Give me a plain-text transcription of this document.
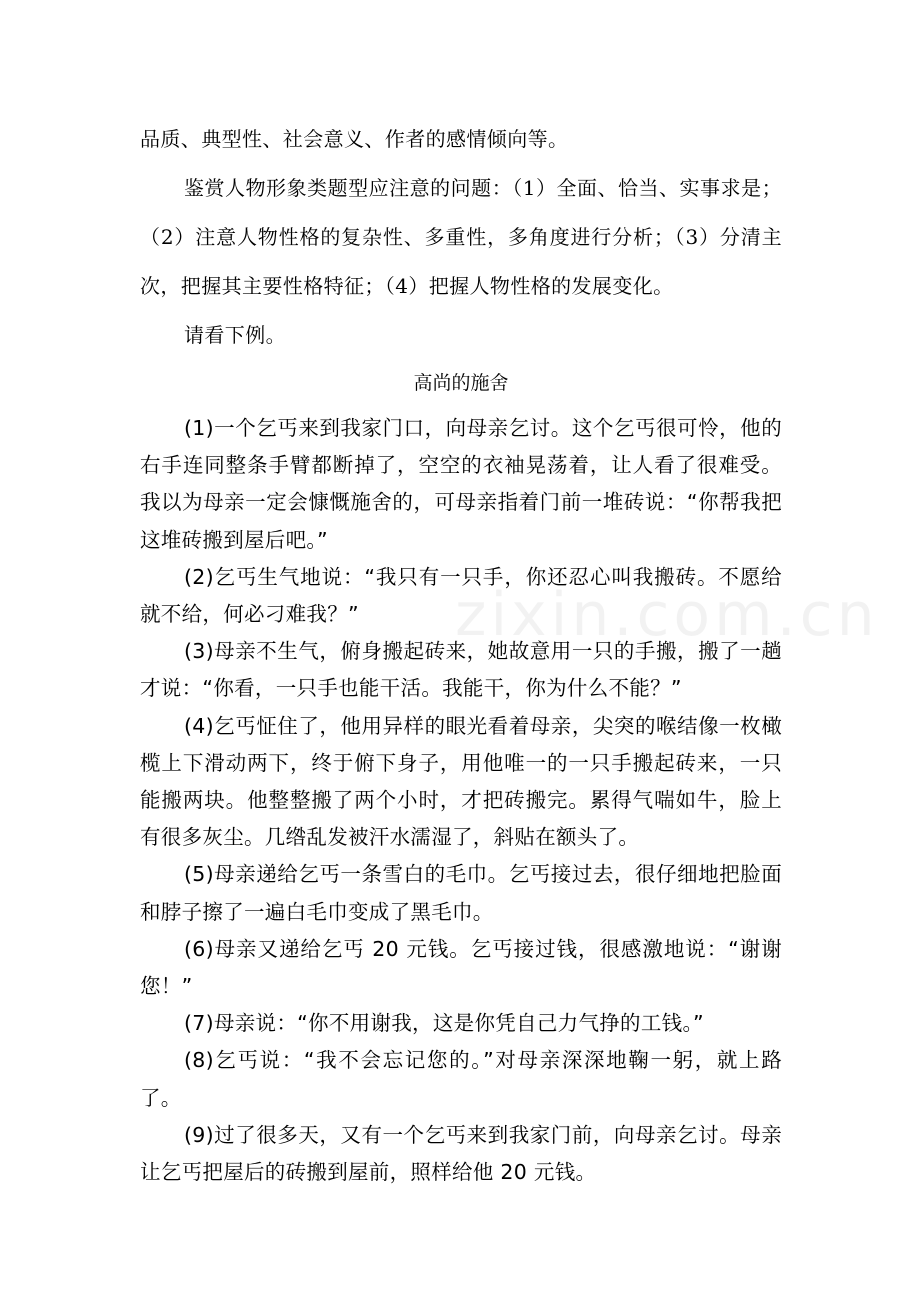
zixin.com.cn

品质、典型性、社会意义、作者的感情倾向等。

鉴赏人物形象类题型应注意的问题：（1）全面、恰当、实事求是；（2）注意人物性格的复杂性、多重性，多角度进行分析；（3）分清主次，把握其主要性格特征；（4）把握人物性格的发展变化。

请看下例。

高尚的施舍

(1)一个乞丐来到我家门口，向母亲乞讨。这个乞丐很可怜，他的右手连同整条手臂都断掉了，空空的衣袖晃荡着，让人看了很难受。我以为母亲一定会慷慨施舍的，可母亲指着门前一堆砖说：“你帮我把这堆砖搬到屋后吧。”

(2)乞丐生气地说：“我只有一只手，你还忍心叫我搬砖。不愿给就不给，何必刁难我？”

(3)母亲不生气，俯身搬起砖来，她故意用一只的手搬，搬了一趟才说：“你看，一只手也能干活。我能干，你为什么不能？”

(4)乞丐怔住了，他用异样的眼光看着母亲，尖突的喉结像一枚橄榄上下滑动两下，终于俯下身子，用他唯一的一只手搬起砖来，一只能搬两块。他整整搬了两个小时，才把砖搬完。累得气喘如牛，脸上有很多灰尘。几绺乱发被汗水濡湿了，斜贴在额头了。

(5)母亲递给乞丐一条雪白的毛巾。乞丐接过去，很仔细地把脸面和脖子擦了一遍白毛巾变成了黑毛巾。

(6)母亲又递给乞丐 20 元钱。乞丐接过钱，很感激地说：“谢谢您！”

(7)母亲说：“你不用谢我，这是你凭自己力气挣的工钱。”

(8)乞丐说：“我不会忘记您的。”对母亲深深地鞠一躬，就上路了。

(9)过了很多天，又有一个乞丐来到我家门前，向母亲乞讨。母亲让乞丐把屋后的砖搬到屋前，照样给他 20 元钱。
